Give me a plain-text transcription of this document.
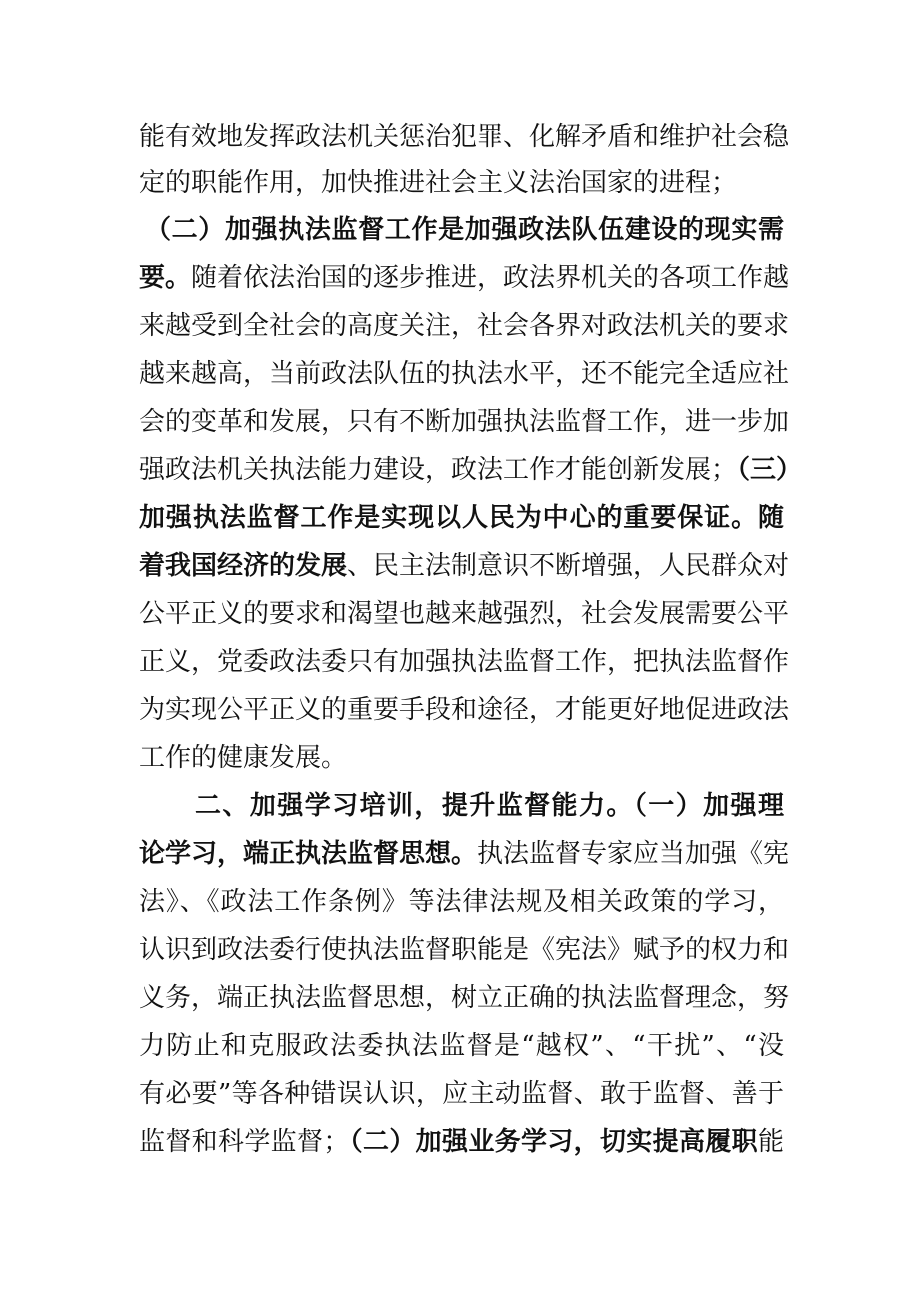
能有效地发挥政法机关惩治犯罪、化解矛盾和维护社会稳
定的职能作用，加快推进社会主义法治国家的进程；
（二）加强执法监督工作是加强政法队伍建设的现实需
要。随着依法治国的逐步推进，政法界机关的各项工作越
来越受到全社会的高度关注，社会各界对政法机关的要求
越来越高，当前政法队伍的执法水平，还不能完全适应社
会的变革和发展，只有不断加强执法监督工作，进一步加
强政法机关执法能力建设，政法工作才能创新发展；（三）
加强执法监督工作是实现以人民为中心的重要保证。随
着我国经济的发展、民主法制意识不断增强，人民群众对
公平正义的要求和渴望也越来越强烈，社会发展需要公平
正义，党委政法委只有加强执法监督工作，把执法监督作
为实现公平正义的重要手段和途径，才能更好地促进政法
工作的健康发展。
二、加强学习培训，提升监督能力。（一）加强理
论学习，端正执法监督思想。执法监督专家应当加强《宪
法》、《政法工作条例》等法律法规及相关政策的学习，
认识到政法委行使执法监督职能是《宪法》赋予的权力和
义务，端正执法监督思想，树立正确的执法监督理念，努
力防止和克服政法委执法监督是“越权”、“干扰”、“没
有必要”等各种错误认识，应主动监督、敢于监督、善于
监督和科学监督；（二）加强业务学习，切实提高履职能
